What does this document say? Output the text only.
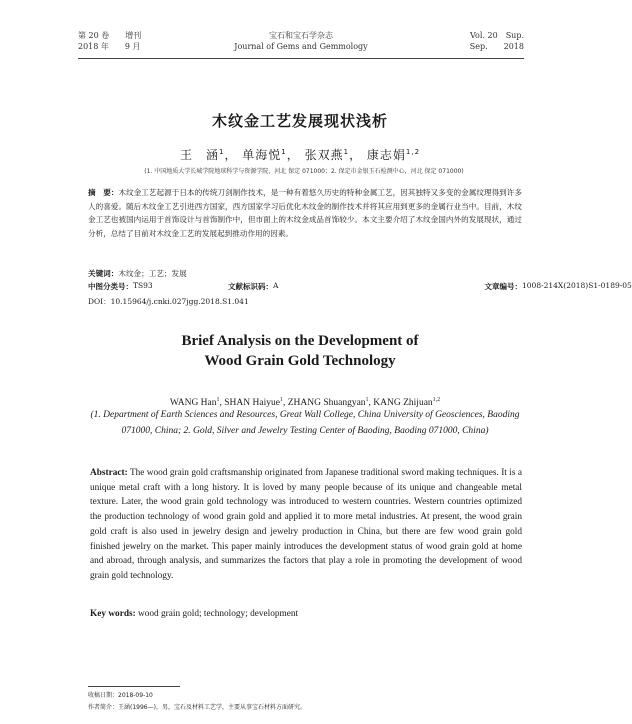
第 20 卷　　增刊
2018 年　　9 月
宝石和宝石学杂志
Journal of Gems and Gemmology
Vol. 20　Sup.
Sep.　　2018
木纹金工艺发展现状浅析
王　涵$^1$， 单海悦$^1$， 张双燕$^1$， 康志娟$^{1,2}$
(1. 中国地质大学长城学院地球科学与资源学院，河北 保定 071000；2. 保定市金银玉石检测中心，河北 保定 071000)
摘　要：木纹金工艺起源于日本的传统刀剑制作技术，是一种有着悠久历史的特种金属工艺，因其独特又多变的金属纹理得到许多人的喜爱。随后木纹金工艺引进西方国家，西方国家学习后优化木纹金的制作技术并将其应用到更多的金属行业当中。目前，木纹金工艺也被国内运用于首饰设计与首饰制作中，但市面上的木纹金成品首饰较少。本文主要介绍了木纹金国内外的发展现状，通过分析，总结了目前对木纹金工艺的发展起到推动作用的因素。
关键词：木纹金；工艺；发展
中图分类号： TS93	文献标识码： A	文章编号： 1008-214X(2018)S1-0189-05
DOI：10.15964/j.cnki.027jgg.2018.S1.041
Brief Analysis on the Development of
Wood Grain Gold Technology
WANG Han$^1$, SHAN Haiyue$^1$, ZHANG Shuangyan$^1$, KANG Zhijuan$^{1,2}$
(1. Department of Earth Sciences and Resources, Great Wall College, China University of Geosciences, Baoding 071000, China; 2. Gold, Silver and Jewelry Testing Center of Baoding, Baoding 071000, China)
Abstract: The wood grain gold craftsmanship originated from Japanese traditional sword making techniques. It is a unique metal craft with a long history. It is loved by many people because of its unique and changeable metal texture. Later, the wood grain gold technology was introduced to western countries. Western countries optimized the production technology of wood grain gold and applied it to more metal industries. At present, the wood grain gold craft is also used in jewelry design and jewelry production in China, but there are few wood grain gold finished jewelry on the market. This paper mainly introduces the development status of wood grain gold at home and abroad, through analysis, and summarizes the factors that play a role in promoting the development of wood grain gold technology.
Key words: wood grain gold; technology; development
收稿日期：2018-09-10
作者简介：王涵(1996—)，男，宝石及材料工艺学，主要从事宝石材料方面研究。
